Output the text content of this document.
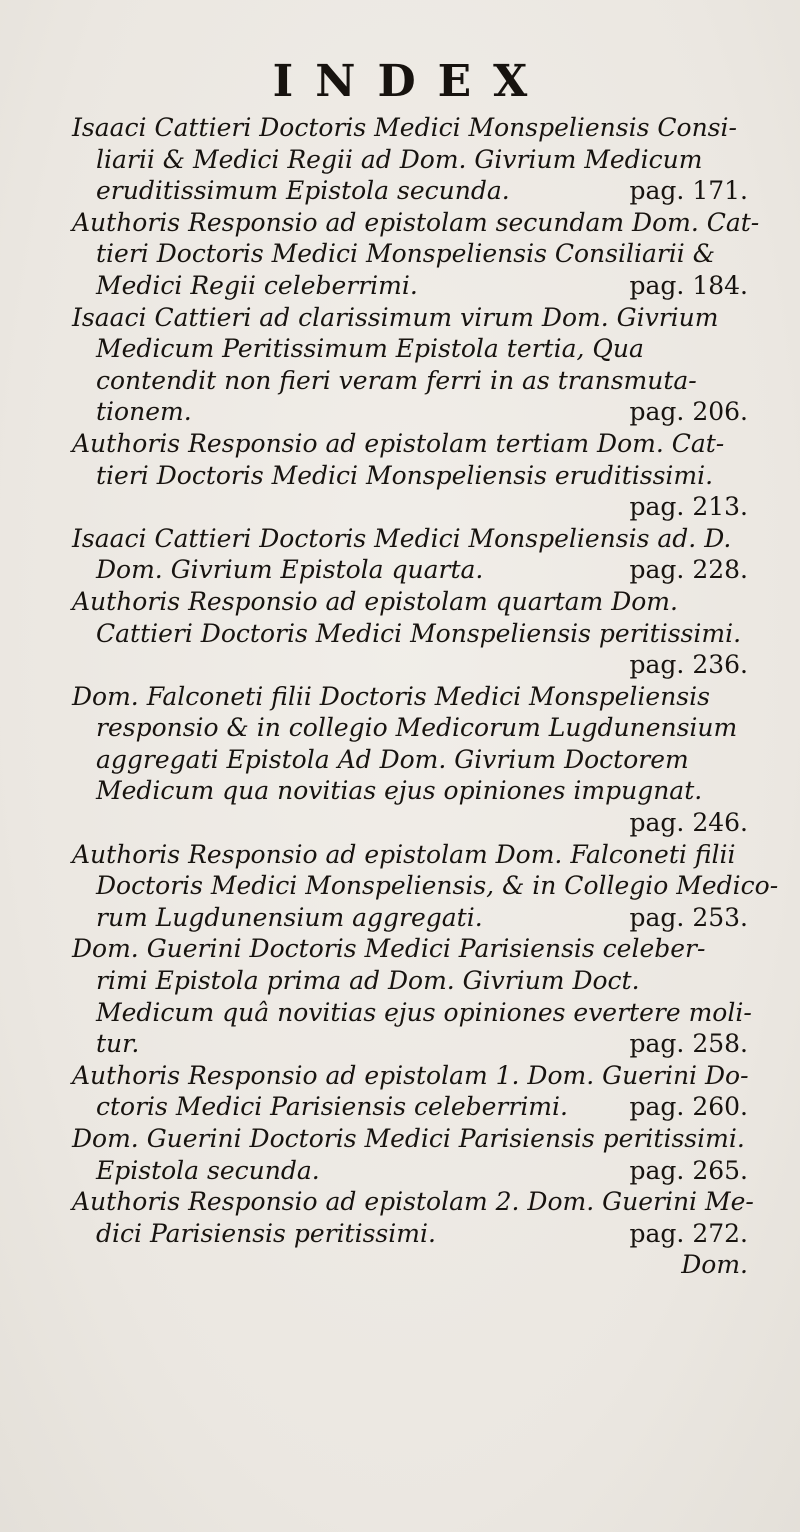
INDEX
Isaaci Cattieri Doctoris Medici Monspeliensis Consi-
liarii & Medici Regii ad Dom. Givrium Medicum
eruditissimum Epistola secunda.	pag. 171.
Authoris Responsio ad epistolam secundam Dom. Cat-
tieri Doctoris Medici Monspeliensis Consiliarii &
Medici Regii celeberrimi.	pag. 184.
Isaaci Cattieri ad clarissimum virum Dom. Givrium
Medicum Peritissimum Epistola tertia, Qua
contendit non fieri veram ferri in as transmuta-
tionem.	pag. 206.
Authoris Responsio ad epistolam tertiam Dom. Cat-
tieri Doctoris Medici Monspeliensis eruditissimi.

pag. 213.
Isaaci Cattieri Doctoris Medici Monspeliensis ad. D.
Dom. Givrium Epistola quarta.	pag. 228.
Authoris Responsio ad epistolam quartam Dom.
Cattieri Doctoris Medici Monspeliensis peritissimi.

pag. 236.
Dom. Falconeti filii Doctoris Medici Monspeliensis
responsio & in collegio Medicorum Lugdunensium
aggregati Epistola Ad Dom. Givrium Doctorem
Medicum qua novitias ejus opiniones impugnat.

pag. 246.
Authoris Responsio ad epistolam Dom. Falconeti filii
Doctoris Medici Monspeliensis, & in Collegio Medico-
rum Lugdunensium aggregati.	pag. 253.
Dom. Guerini Doctoris Medici Parisiensis celeber-
rimi Epistola prima ad Dom. Givrium Doct.
Medicum quâ novitias ejus opiniones evertere moli-
tur.	pag. 258.
Authoris Responsio ad epistolam 1. Dom. Guerini Do-
ctoris Medici Parisiensis celeberrimi.	pag. 260.
Dom. Guerini Doctoris Medici Parisiensis peritissimi.
Epistola secunda.	pag. 265.
Authoris Responsio ad epistolam 2. Dom. Guerini Me-
dici Parisiensis peritissimi.	pag. 272.
Dom.
